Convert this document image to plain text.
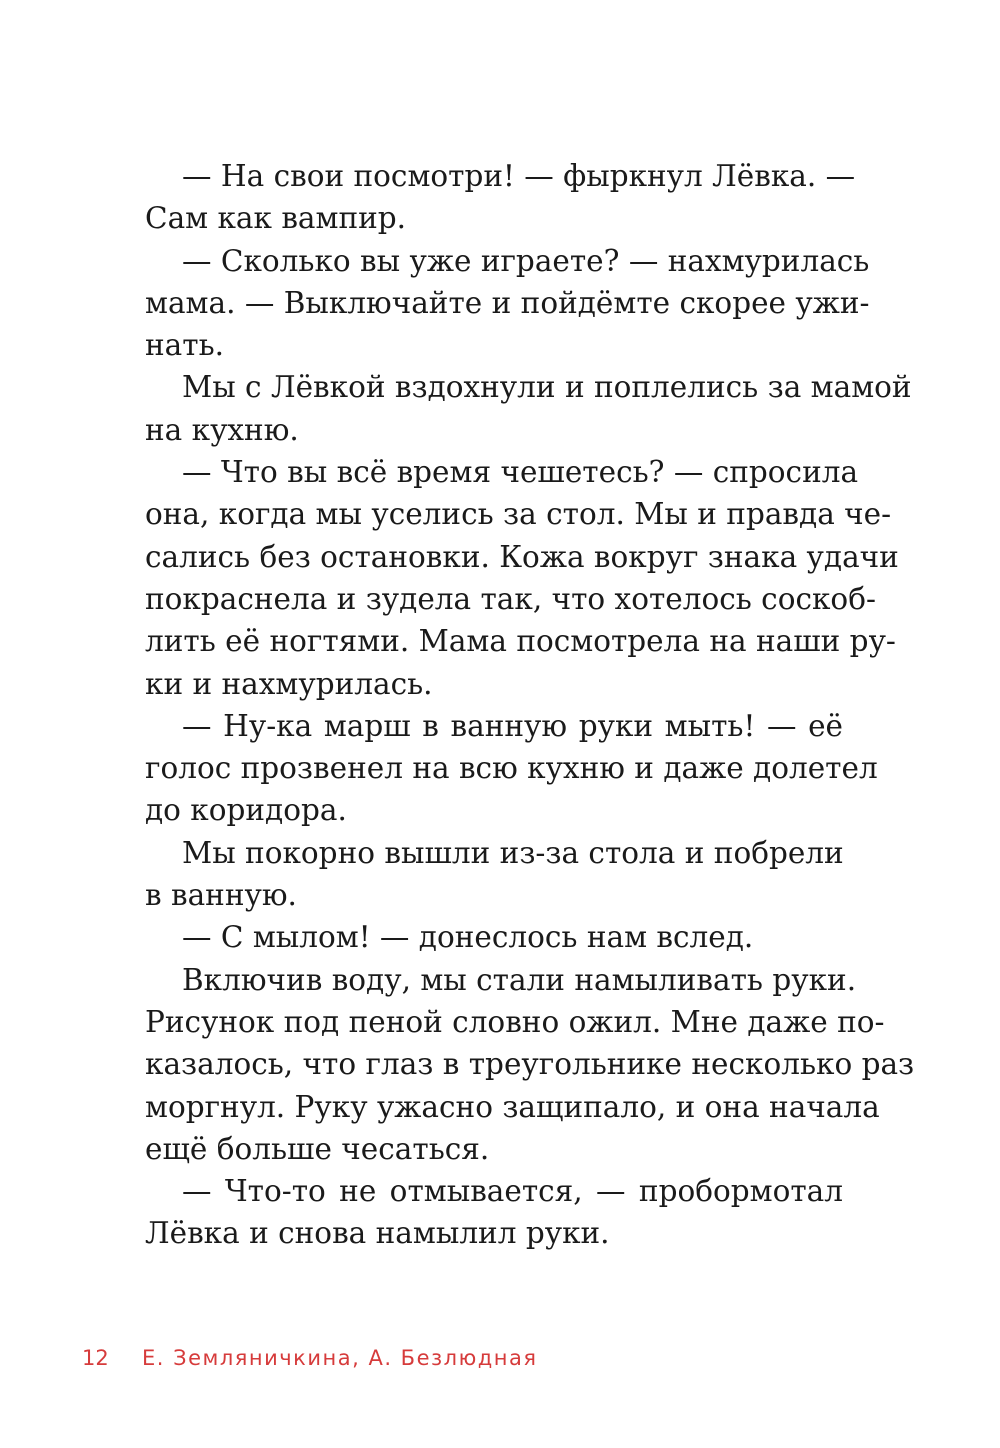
— На свои посмотри! — фыркнул Лёвка. —
Сам как вампир.
— Сколько вы уже играете? — нахмурилась
мама. — Выключайте и пойдёмте скорее ужи-
нать.
Мы с Лёвкой вздохнули и поплелись за мамой
на кухню.
— Что вы всё время чешетесь? — спросила
она, когда мы уселись за стол. Мы и правда че-
сались без остановки. Кожа вокруг знака удачи
покраснела и зудела так, что хотелось соскоб-
лить её ногтями. Мама посмотрела на наши ру-
ки и нахмурилась.
— Ну-ка марш в ванную руки мыть! — её
голос прозвенел на всю кухню и даже долетел
до коридора.
Мы покорно вышли из-за стола и побрели
в ванную.
— С мылом! — донеслось нам вслед.
Включив воду, мы стали намыливать руки.
Рисунок под пеной словно ожил. Мне даже по-
казалось, что глаз в треугольнике несколько раз
моргнул. Руку ужасно защипало, и она начала
ещё больше чесаться.
— Что-то не отмывается, — пробормотал
Лёвка и снова намылил руки.
12 Е. Земляничкина, А. Безлюдная
